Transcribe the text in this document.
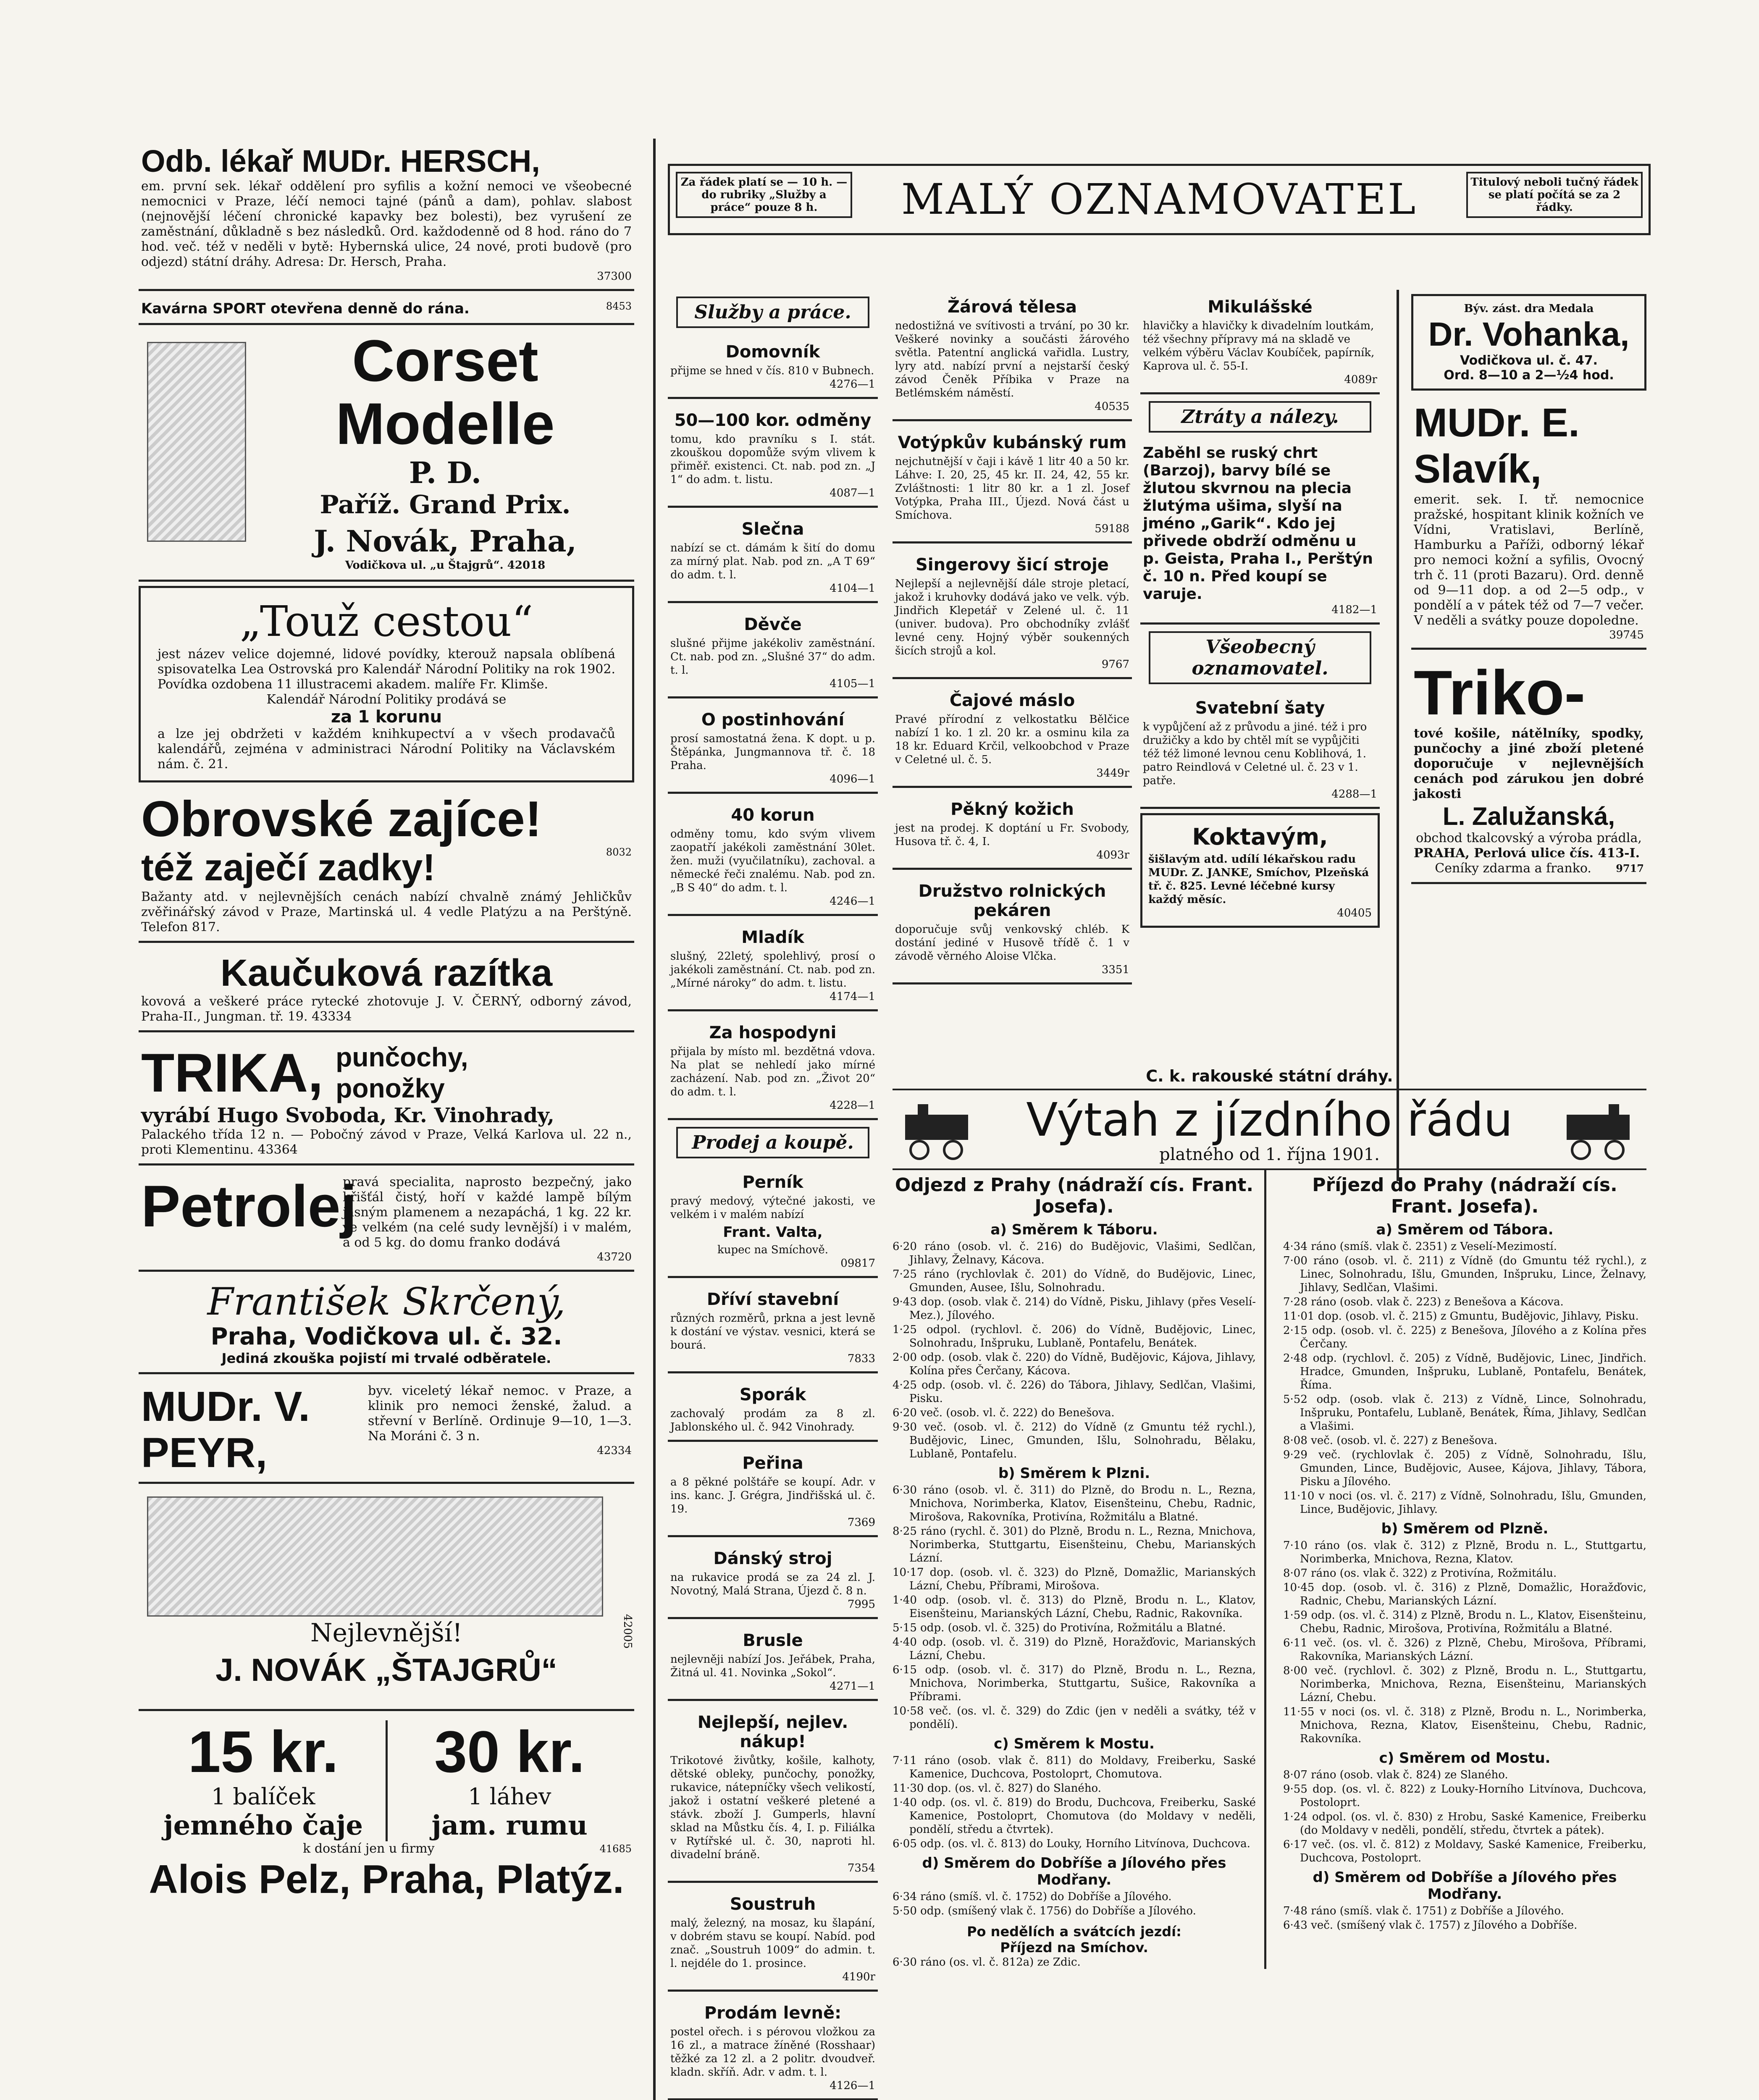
Za řádek platí se — 10 h. — do rubriky „Služby a práce“ pouze 8 h.	MALÝ OZNAMOVATEL	Titulový neboli tučný řádek se platí počítá se za 2 řádky.
Odb. lékař MUDr. HERSCH,
em. první sek. lékař oddělení pro syfilis a kožní nemoci ve všeobecné nemocnici v Praze, léčí nemoci tajné (pánů a dam), pohlav. slabost (nejnovější léčení chronické kapavky bez bolesti), bez vyrušení ze zaměstnání, důkladně s bez následků. Ord. každodenně od 8 hod. ráno do 7 hod. več. též v neděli v bytě: Hybernská ulice, 24 nové, proti budově (pro odjezd) státní dráhy. Adresa: Dr. Hersch, Praha.
37300
Kavárna SPORT otevřena denně do rána.	8453
Corset Modelle
P. D.
Paříž. Grand Prix.
J. Novák, Praha,
Vodičkova ul. „u Štajgrů“. 42018
„Touž cestou“
jest název velice dojemné, lidové povídky, kterouž napsala oblíbená spisovatelka Lea Ostrovská pro Kalendář Národní Politiky na rok 1902. Povídka ozdobena 11 illustracemi akadem. malíře Fr. Klimše.
Kalendář Národní Politiky prodává se
za 1 korunu
a lze jej obdržeti v každém knihkupectví a v všech prodavačů kalendářů, zejména v administraci Národní Politiky na Václavském nám. č. 21.
Obrovské zajíce!
též zaječí zadky!	8032
Bažanty atd. v nejlevnějších cenách nabízí chvalně známý Jehličkův zvěřinářský závod v Praze, Martinská ul. 4 vedle Platýzu a na Perštýně. Telefon 817.
Kaučuková razítka
kovová a veškeré práce rytecké zhotovuje J. V. ČERNÝ, odborný závod, Praha-II., Jungman. tř. 19. 43334
TRIKA, punčochy,
ponožky
vyrábí Hugo Svoboda, Kr. Vinohrady,
Palackého třída 12 n. — Pobočný závod v Praze, Velká Karlova ul. 22 n., proti Klementinu. 43364
Petrolej
pravá specialita, naprosto bezpečný, jako křišťál čistý, hoří v každé lampě bílým jasným plamenem a nezapáchá, 1 kg. 22 kr. ve velkém (na celé sudy levnější) i v malém, a od 5 kg. do domu franko dodává
43720
František Skrčený,
Praha, Vodičkova ul. č. 32.
Jediná zkouška pojistí mi trvalé odběratele.
MUDr. V. PEYR,
byv. viceletý lékař nemoc. v Praze, a klinik pro nemoci ženské, žalud. a střevní v Berlíně. Ordinuje 9—10, 1—3. Na Moráni č. 3 n.
42334
Nejlevnější!
J. NOVÁK „ŠTAJGRŮ“
42005
15 kr.
1 balíček
jemného čaje
30 kr.
1 láhev
jam. rumu
k dostání jen u firmy	41685
Alois Pelz, Praha, Platýz.
Služby a práce.
Domovník
přijme se hned v čís. 810 v Bubnech.
4276—1
50—100 kor. odměny
tomu, kdo pravníku s I. stát. zkouškou dopomůže svým vlivem k přiměř. existenci. Ct. nab. pod zn. „J 1“ do adm. t. listu.
4087—1
Slečna
nabízí se ct. dámám k šití do domu za mírný plat. Nab. pod zn. „A T 69“ do adm. t. l.
4104—1
Děvče
slušné přijme jakékoliv zaměstnání. Ct. nab. pod zn. „Slušné 37“ do adm. t. l.
4105—1
O postinhování
prosí samostatná žena. K dopt. u p. Štěpánka, Jungmannova tř. č. 18 Praha.
4096—1
40 korun
odměny tomu, kdo svým vlivem zaopatří jakékoli zaměstnání 30let. žen. muži (vyučilatníku), zachoval. a německé řeči znalému. Nab. pod zn. „B S 40“ do adm. t. l.
4246—1
Mladík
slušný, 22letý, spolehlivý, prosí o jakékoli zaměstnání. Ct. nab. pod zn. „Mírné nároky“ do adm. t. listu.
4174—1
Za hospodyni
přijala by místo ml. bezdětná vdova. Na plat se nehledí jako mírné zacházení. Nab. pod zn. „Život 20“ do adm. t. l.
4228—1
Prodej a koupě.
Perník
pravý medový, výtečné jakosti, ve velkém i v malém nabízí
Frant. Valta,
kupec na Smíchově.
09817
Dříví stavební
různých rozměrů, prkna a jest levně k dostání ve výstav. vesnici, která se bourá.
7833
Sporák
zachovalý prodám za 8 zl. Jablonského ul. č. 942 Vinohrady.
Peřina
a 8 pěkné polštáře se koupí. Adr. v ins. kanc. J. Grégra, Jindřišská ul. č. 19.
7369
Dánský stroj
na rukavice prodá se za 24 zl. J. Novotný, Malá Strana, Újezd č. 8 n.
7995
Brusle
nejlevněji nabízí Jos. Jeřábek, Praha, Žitná ul. 41. Novinka „Sokol“.
4271—1
Nejlepší, nejlev. nákup!
Trikotové živůtky, košile, kalhoty, dětské obleky, punčochy, ponožky, rukavice, nátepníčky všech velikostí, jakož i ostatní veškeré pletené a stávk. zboží J. Gumperls, hlavní sklad na Můstku čís. 4, I. p. Filiálka v Rytířské ul. č. 30, naproti hl. divadelní bráně.
7354
Soustruh
malý, železný, na mosaz, ku šlapání, v dobrém stavu se koupí. Nabíd. pod znač. „Soustruh 1009“ do admin. t. l. nejdéle do 1. prosince.
4190r
Prodám levně:
postel ořech. i s pérovou vložkou za 16 zl., a matrace žíněné (Rosshaar) těžké za 12 zl. a 2 politr. dvoudveř. kladn. skříň. Adr. v adm. t. l.
4126—1
Žárová tělesa
nedostižná ve svítivosti a trvání, po 30 kr. Veškeré novinky a součásti žárového světla. Patentní anglická vařidla. Lustry, lyry atd. nabízí první a nejstarší český závod Čeněk Příbika v Praze na Betlémském náměstí.
40535
Votýpkův kubánský rum
nejchutnější v čaji i kávě 1 litr 40 a 50 kr. Láhve: I. 20, 25, 45 kr. II. 24, 42, 55 kr. Zvláštnosti: 1 litr 80 kr. a 1 zl. Josef Votýpka, Praha III., Újezd. Nová část u Smíchova.
59188
Singerovy šicí stroje
Nejlepší a nejlevnější dále stroje pletací, jakož i kruhovky dodává jako ve velk. výb. Jindřich Klepetář v Zelené ul. č. 11 (univer. budova). Pro obchodníky zvlášť levné ceny. Hojný výběr soukenných šicích strojů a kol.
9767
Čajové máslo
Pravé přírodní z velkostatku Bělčice nabízí 1 ko. 1 zl. 20 kr. a osminu kila za 18 kr. Eduard Krčil, velkoobchod v Praze v Celetné ul. č. 5.
3449r
Pěkný kožich
jest na prodej. K doptání u Fr. Svobody, Husova tř. č. 4, I.
4093r
Družstvo rolnických pekáren
doporučuje svůj venkovský chléb. K dostání jediné v Husově třídě č. 1 v závodě věrného Aloise Vlčka.
3351
Mikulášské
hlavičky a hlavičky k divadelním loutkám, též všechny přípravy má na skladě ve velkém výběru Václav Koubíček, papírník, Kaprova ul. č. 55-I.
4089r
Ztráty a nálezy.
Zaběhl se ruský chrt (Barzoj), barvy bílé se žlutou skvrnou na plecia žlutýma ušima, slyší na jméno „Garik“. Kdo jej přivede obdrží odměnu u p. Geista, Praha I., Perštýn č. 10 n. Před koupí se varuje.
4182—1
Všeobecný oznamovatel.
Svatební šaty
k vypůjčení až z průvodu a jiné. též i pro družičky a kdo by chtěl mít se vypůjčiti též též limoné levnou cenu Koblihová, 1. patro Reindlová v Celetné ul. č. 23 v 1. patře.
4288—1
Koktavým,
šišlavým atd. udílí lékařskou radu MUDr. Z. JANKE, Smíchov, Plzeňská tř. č. 825. Levné léčebné kursy každý měsíc.
40405
Býv. zást. dra Medala
Dr. Vohanka,
Vodičkova ul. č. 47.
Ord. 8—10 a 2—½4 hod.
MUDr. E. Slavík,
emerit. sek. I. tř. nemocnice pražské, hospitant klinik kožních ve Vídni, Vratislavi, Berlíně, Hamburku a Paříži, odborný lékař pro nemoci kožní a syfilis, Ovocný trh č. 11 (proti Bazaru). Ord. denně od 9—11 dop. a od 2—5 odp., v pondělí a v pátek též od 7—7 večer. V neděli a svátky pouze dopoledne.
39745
Triko-
tové košile, nátělníky, spodky, punčochy a jiné zboží pletené doporučuje v nejlevnějších cenách pod zárukou jen dobré jakosti
L. Zalužanská,
obchod tkalcovský a výroba prádla,
PRAHA, Perlová ulice čís. 413-I.
9717
Ceníky zdarma a franko.
C. k. rakouské státní dráhy.
Výtah z jízdního řádu
platného od 1. října 1901.
Odjezd z Prahy (nádraží cís. Frant. Josefa).
a) Směrem k Táboru.
6·20 ráno (osob. vl. č. 216) do Budějovic, Vlašimi, Sedlčan, Jihlavy, Želnavy, Kácova.
7·25 ráno (rychlovlak č. 201) do Vídně, do Budějovic, Linec, Gmunden, Ausee, Išlu, Solnohradu.
9·43 dop. (osob. vlak č. 214) do Vídně, Pisku, Jihlavy (přes Veselí-Mez.), Jílového.
1·25 odpol. (rychlovl. č. 206) do Vídně, Budějovic, Linec, Solnohradu, Inšpruku, Lublaně, Pontafelu, Benátek.
2·00 odp. (osob. vlak č. 220) do Vídně, Budějovic, Kájova, Jihlavy, Kolína přes Čerčany, Kácova.
4·25 odp. (osob. vl. č. 226) do Tábora, Jihlavy, Sedlčan, Vlašimi, Pisku.
6·20 več. (osob. vl. č. 222) do Benešova.
9·30 več. (osob. vl. č. 212) do Vídně (z Gmuntu též rychl.), Budějovic, Linec, Gmunden, Išlu, Solnohradu, Bělaku, Lublaně, Pontafelu.
b) Směrem k Plzni.
6·30 ráno (osob. vl. č. 311) do Plzně, do Brodu n. L., Rezna, Mnichova, Norimberka, Klatov, Eisenšteinu, Chebu, Radnic, Mirošova, Rakovníka, Protivína, Rožmitálu a Blatné.
8·25 ráno (rychl. č. 301) do Plzně, Brodu n. L., Rezna, Mnichova, Norimberka, Stuttgartu, Eisenšteinu, Chebu, Marianských Lázní.
10·17 dop. (osob. vl. č. 323) do Plzně, Domažlic, Marianských Lázní, Chebu, Příbrami, Mirošova.
1·40 odp. (osob. vl. č. 313) do Plzně, Brodu n. L., Klatov, Eisenšteinu, Marianských Lázní, Chebu, Radnic, Rakovníka.
5·15 odp. (osob. vl. č. 325) do Protivína, Rožmitálu a Blatné.
4·40 odp. (osob. vl. č. 319) do Plzně, Horažďovic, Marianských Lázní, Chebu.
6·15 odp. (osob. vl. č. 317) do Plzně, Brodu n. L., Rezna, Mnichova, Norimberka, Stuttgartu, Sušice, Rakovníka a Příbrami.
10·58 več. (os. vl. č. 329) do Zdic (jen v neděli a svátky, též v pondělí).
c) Směrem k Mostu.
7·11 ráno (osob. vlak č. 811) do Moldavy, Freiberku, Saské Kamenice, Duchcova, Postoloprt, Chomutova.
11·30 dop. (os. vl. č. 827) do Slaného.
1·40 odp. (os. vl. č. 819) do Brodu, Duchcova, Freiberku, Saské Kamenice, Postoloprt, Chomutova (do Moldavy v neděli, pondělí, středu a čtvrtek).
6·05 odp. (os. vl. č. 813) do Louky, Horního Litvínova, Duchcova.
d) Směrem do Dobříše a Jílového přes Modřany.
6·34 ráno (smíš. vl. č. 1752) do Dobříše a Jílového.
5·50 odp. (smíšený vlak č. 1756) do Dobříše a Jílového.
Po nedělích a svátcích jezdí:
Příjezd na Smíchov.
6·30 ráno (os. vl. č. 812a) ze Zdic.
Příjezd do Prahy (nádraží cís. Frant. Josefa).
a) Směrem od Tábora.
4·34 ráno (smíš. vlak č. 2351) z Veselí-Mezimostí.
7·00 ráno (osob. vl. č. 211) z Vídně (do Gmuntu též rychl.), z Linec, Solnohradu, Išlu, Gmunden, Inšpruku, Lince, Želnavy, Jihlavy, Sedlčan, Vlašimi.
7·28 ráno (osob. vlak č. 223) z Benešova a Kácova.
11·01 dop. (osob. vl. č. 215) z Gmuntu, Budějovic, Jihlavy, Pisku.
2·15 odp. (osob. vl. č. 225) z Benešova, Jílového a z Kolína přes Čerčany.
2·48 odp. (rychlovl. č. 205) z Vídně, Budějovic, Linec, Jindřich. Hradce, Gmunden, Inšpruku, Lublaně, Pontafelu, Benátek, Říma.
5·52 odp. (osob. vlak č. 213) z Vídně, Lince, Solnohradu, Inšpruku, Pontafelu, Lublaně, Benátek, Říma, Jihlavy, Sedlčan a Vlašimi.
8·08 več. (osob. vl. č. 227) z Benešova.
9·29 več. (rychlovlak č. 205) z Vídně, Solnohradu, Išlu, Gmunden, Lince, Budějovic, Ausee, Kájova, Jihlavy, Tábora, Pisku a Jílového.
11·10 v noci (os. vl. č. 217) z Vídně, Solnohradu, Išlu, Gmunden, Lince, Budějovic, Jihlavy.
b) Směrem od Plzně.
7·10 ráno (os. vlak č. 312) z Plzně, Brodu n. L., Stuttgartu, Norimberka, Mnichova, Rezna, Klatov.
8·07 ráno (os. vlak č. 322) z Protivína, Rožmitálu.
10·45 dop. (osob. vl. č. 316) z Plzně, Domažlic, Horažďovic, Radnic, Chebu, Marianských Lázní.
1·59 odp. (os. vl. č. 314) z Plzně, Brodu n. L., Klatov, Eisenšteinu, Chebu, Radnic, Mirošova, Protivína, Rožmitálu a Blatné.
6·11 več. (os. vl. č. 326) z Plzně, Chebu, Mirošova, Příbrami, Rakovníka, Marianských Lázní.
8·00 več. (rychlovl. č. 302) z Plzně, Brodu n. L., Stuttgartu, Norimberka, Mnichova, Rezna, Eisenšteinu, Marianských Lázní, Chebu.
11·55 v noci (os. vl. č. 318) z Plzně, Brodu n. L., Norimberka, Mnichova, Rezna, Klatov, Eisenšteinu, Chebu, Radnic, Rakovníka.
c) Směrem od Mostu.
8·07 ráno (osob. vlak č. 824) ze Slaného.
9·55 dop. (os. vl. č. 822) z Louky-Horního Litvínova, Duchcova, Postoloprt.
1·24 odpol. (os. vl. č. 830) z Hrobu, Saské Kamenice, Freiberku (do Moldavy v neděli, pondělí, středu, čtvrtek a pátek).
6·17 več. (os. vl. č. 812) z Moldavy, Saské Kamenice, Freiberku, Duchcova, Postoloprt.
d) Směrem od Dobříše a Jílového přes Modřany.
7·48 ráno (smíš. vlak č. 1751) z Dobříše a Jílového.
6·43 več. (smíšený vlak č. 1757) z Jílového a Dobříše.
